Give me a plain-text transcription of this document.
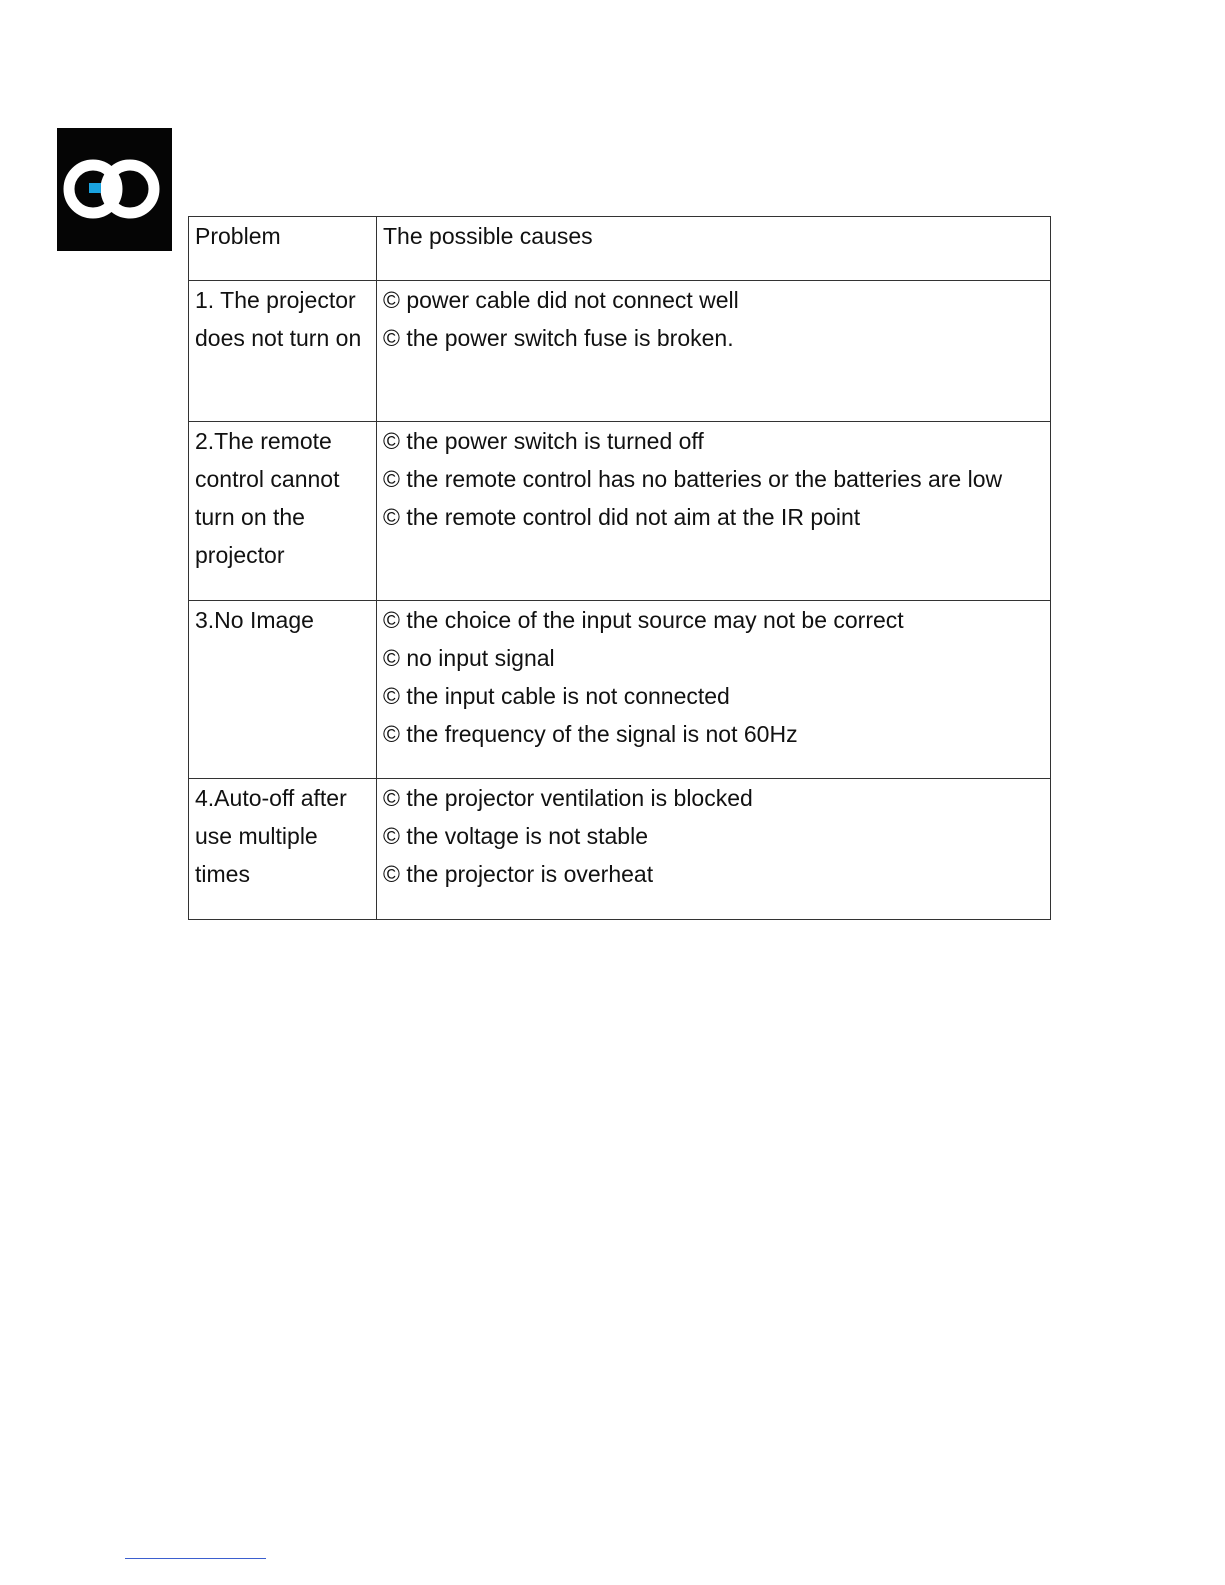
Problem	The possible causes
1. The projector does not turn on	© power cable did not connect well
© the power switch fuse is broken.

2.The remote control cannot turn on the projector	© the power switch is turned off
© the remote control has no batteries or the batteries are low
© the remote control did not aim at the IR point

3.No Image	© the choice of the input source may not be correct
© no input signal
© the input cable is not connected
© the frequency of the signal is not 60Hz

4.Auto-off after use multiple times	© the projector ventilation is blocked
© the voltage is not stable
© the projector is overheat
